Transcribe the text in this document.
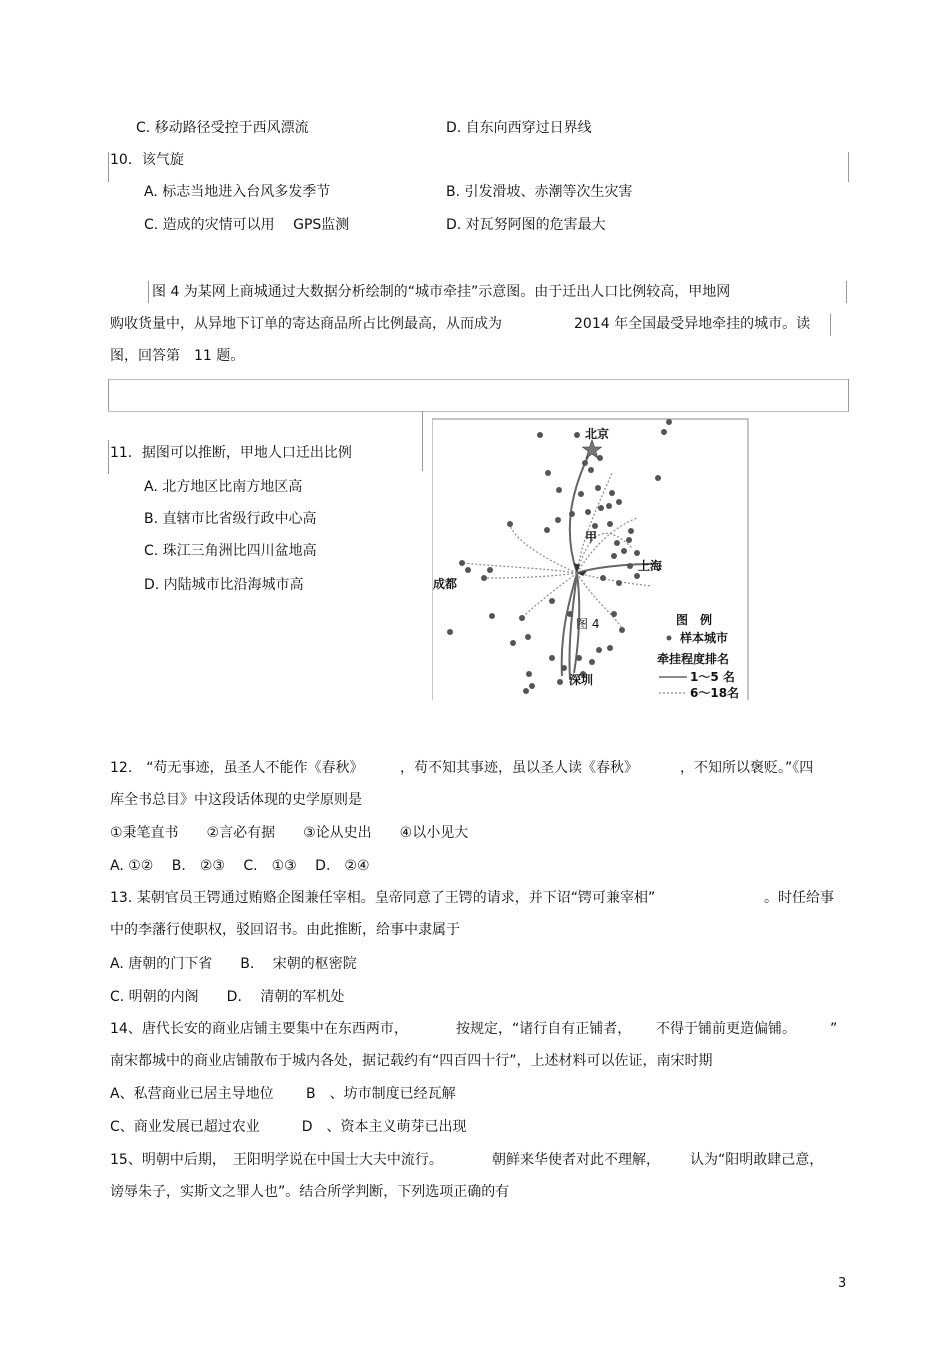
C. 移动路径受控于西风漂流	D. 自东向西穿过日界线
10．该气旋
A. 标志当地进入台风多发季节	B. 引发滑坡、赤潮等次生灾害
C. 造成的灾情可以用　 GPS监测	D. 对瓦努阿图的危害最大
图 4 为某网上商城通过大数据分析绘制的“城市牵挂”示意图。由于迁出人口比例较高，甲地网
购收货量中，从异地下订单的寄达商品所占比例最高，从而成为	2014 年全国最受异地牵挂的城市。读
图，回答第　11 题。
11．据图可以推断，甲地人口迁出比例
A. 北方地区比南方地区高
B. 直辖市比省级行政中心高
C. 珠江三角洲比四川盆地高
D. 内陆城市比沿海城市高
北京
甲
上海
成都
深圳
图 4	图　例
样本城市
牵挂程度排名
1～5 名
6～18名
12.　“苟无事迹，虽圣人不能作《春秋》	，苟不知其事迹，虽以圣人读《春秋》	，不知所以褒贬。”《四
库全书总目》中这段话体现的史学原则是
①秉笔直书　　②言必有据　　③论从史出　　④以小见大
A. ①②　 B.　②③　 C.　①③　 D.　②④
13. 某朝官员王锷通过贿赂企图兼任宰相。皇帝同意了王锷的请求，并下诏“锷可兼宰相”	。时任给事
中的李藩行使职权，驳回诏书。由此推断，给事中隶属于
A. 唐朝的门下省　　B.　 宋朝的枢密院
C. 明朝的内阁　　D.　 清朝的军机处
14、唐代长安的商业店铺主要集中在东西两市，	按规定，“诸行自有正铺者， 不得于铺前更造偏铺。 ”
南宋都城中的商业店铺散布于城内各处，据记载约有“四百四十行”，上述材料可以佐证，南宋时期
A、私营商业已居主导地位　　 B　、坊市制度已经瓦解
C、商业发展已超过农业　　　D　、资本主义萌芽已出现
15、明朝中后期，　王阳明学说在中国士大夫中流行。	朝鲜来华使者对此不理解， 认为“阳明敢肆己意，
谤辱朱子，实斯文之罪人也”。结合所学判断，下列选项正确的有
3
